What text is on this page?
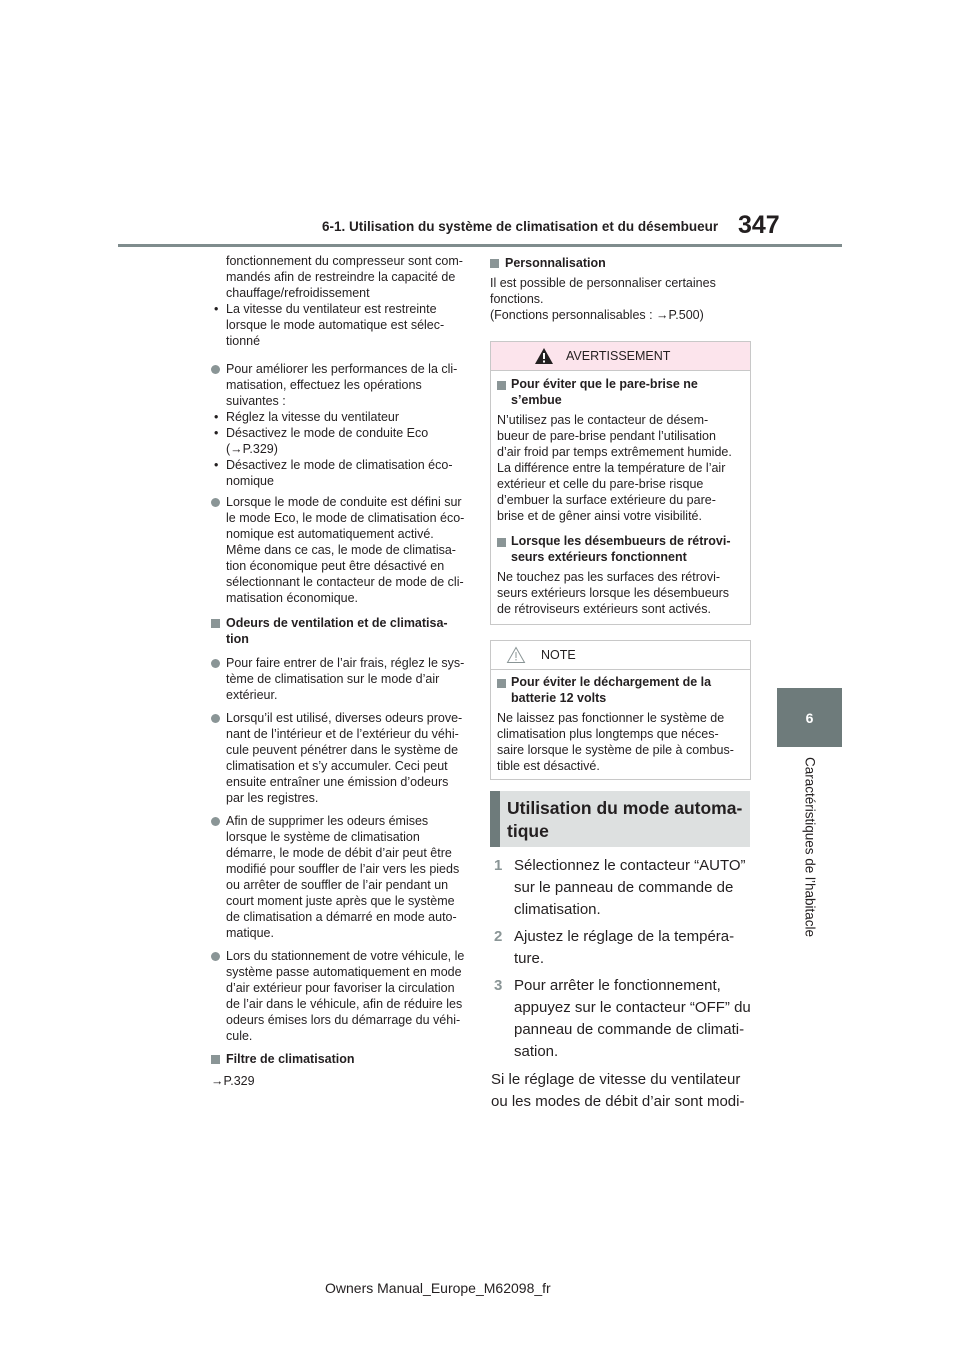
6-1. Utilisation du système de climatisation et du désembueur 347
6
Caractéristiques de l’habitacle
fonctionnement du compresseur sont com-
mandés afin de restreindre la capacité de
chauffage/refroidissement
• La vitesse du ventilateur est restreinte
lorsque le mode automatique est sélec-
tionné
Pour améliorer les performances de la cli-
matisation, effectuez les opérations
suivantes :
• Réglez la vitesse du ventilateur
• Désactivez le mode de conduite Eco
(→P.329)
• Désactivez le mode de climatisation éco-
nomique
Lorsque le mode de conduite est défini sur
le mode Eco, le mode de climatisation éco-
nomique est automatiquement activé.
Même dans ce cas, le mode de climatisa-
tion économique peut être désactivé en
sélectionnant le contacteur de mode de cli-
matisation économique.
Odeurs de ventilation et de climatisa-
tion
Pour faire entrer de l’air frais, réglez le sys-
tème de climatisation sur le mode d’air
extérieur.
Lorsqu’il est utilisé, diverses odeurs prove-
nant de l’intérieur et de l’extérieur du véhi-
cule peuvent pénétrer dans le système de
climatisation et s’y accumuler. Ceci peut
ensuite entraîner une émission d’odeurs
par les registres.
Afin de supprimer les odeurs émises
lorsque le système de climatisation
démarre, le mode de débit d’air peut être
modifié pour souffler de l’air vers les pieds
ou arrêter de souffler de l’air pendant un
court moment juste après que le système
de climatisation a démarré en mode auto-
matique.
Lors du stationnement de votre véhicule, le
système passe automatiquement en mode
d’air extérieur pour favoriser la circulation
de l’air dans le véhicule, afin de réduire les
odeurs émises lors du démarrage du véhi-
cule.
Filtre de climatisation
→P.329
Personnalisation
Il est possible de personnaliser certaines
fonctions.
(Fonctions personnalisables : →P.500)
AVERTISSEMENT
Pour éviter que le pare-brise ne
s’embue
N’utilisez pas le contacteur de désem-
bueur de pare-brise pendant l’utilisation
d’air froid par temps extrêmement humide.
La différence entre la température de l’air
extérieur et celle du pare-brise risque
d’embuer la surface extérieure du pare-
brise et de gêner ainsi votre visibilité.
Lorsque les désembueurs de rétrovi-
seurs extérieurs fonctionnent
Ne touchez pas les surfaces des rétrovi-
seurs extérieurs lorsque les désembueurs
de rétroviseurs extérieurs sont activés.
NOTE
Pour éviter le déchargement de la
batterie 12 volts
Ne laissez pas fonctionner le système de
climatisation plus longtemps que néces-
saire lorsque le système de pile à combus-
tible est désactivé.
Utilisation du mode automa-
tique
1 Sélectionnez le contacteur “AUTO”
sur le panneau de commande de
climatisation.
2 Ajustez le réglage de la tempéra-
ture.
3 Pour arrêter le fonctionnement,
appuyez sur le contacteur “OFF” du
panneau de commande de climati-
sation.
Si le réglage de vitesse du ventilateur
ou les modes de débit d’air sont modi-
Owners Manual_Europe_M62098_fr
